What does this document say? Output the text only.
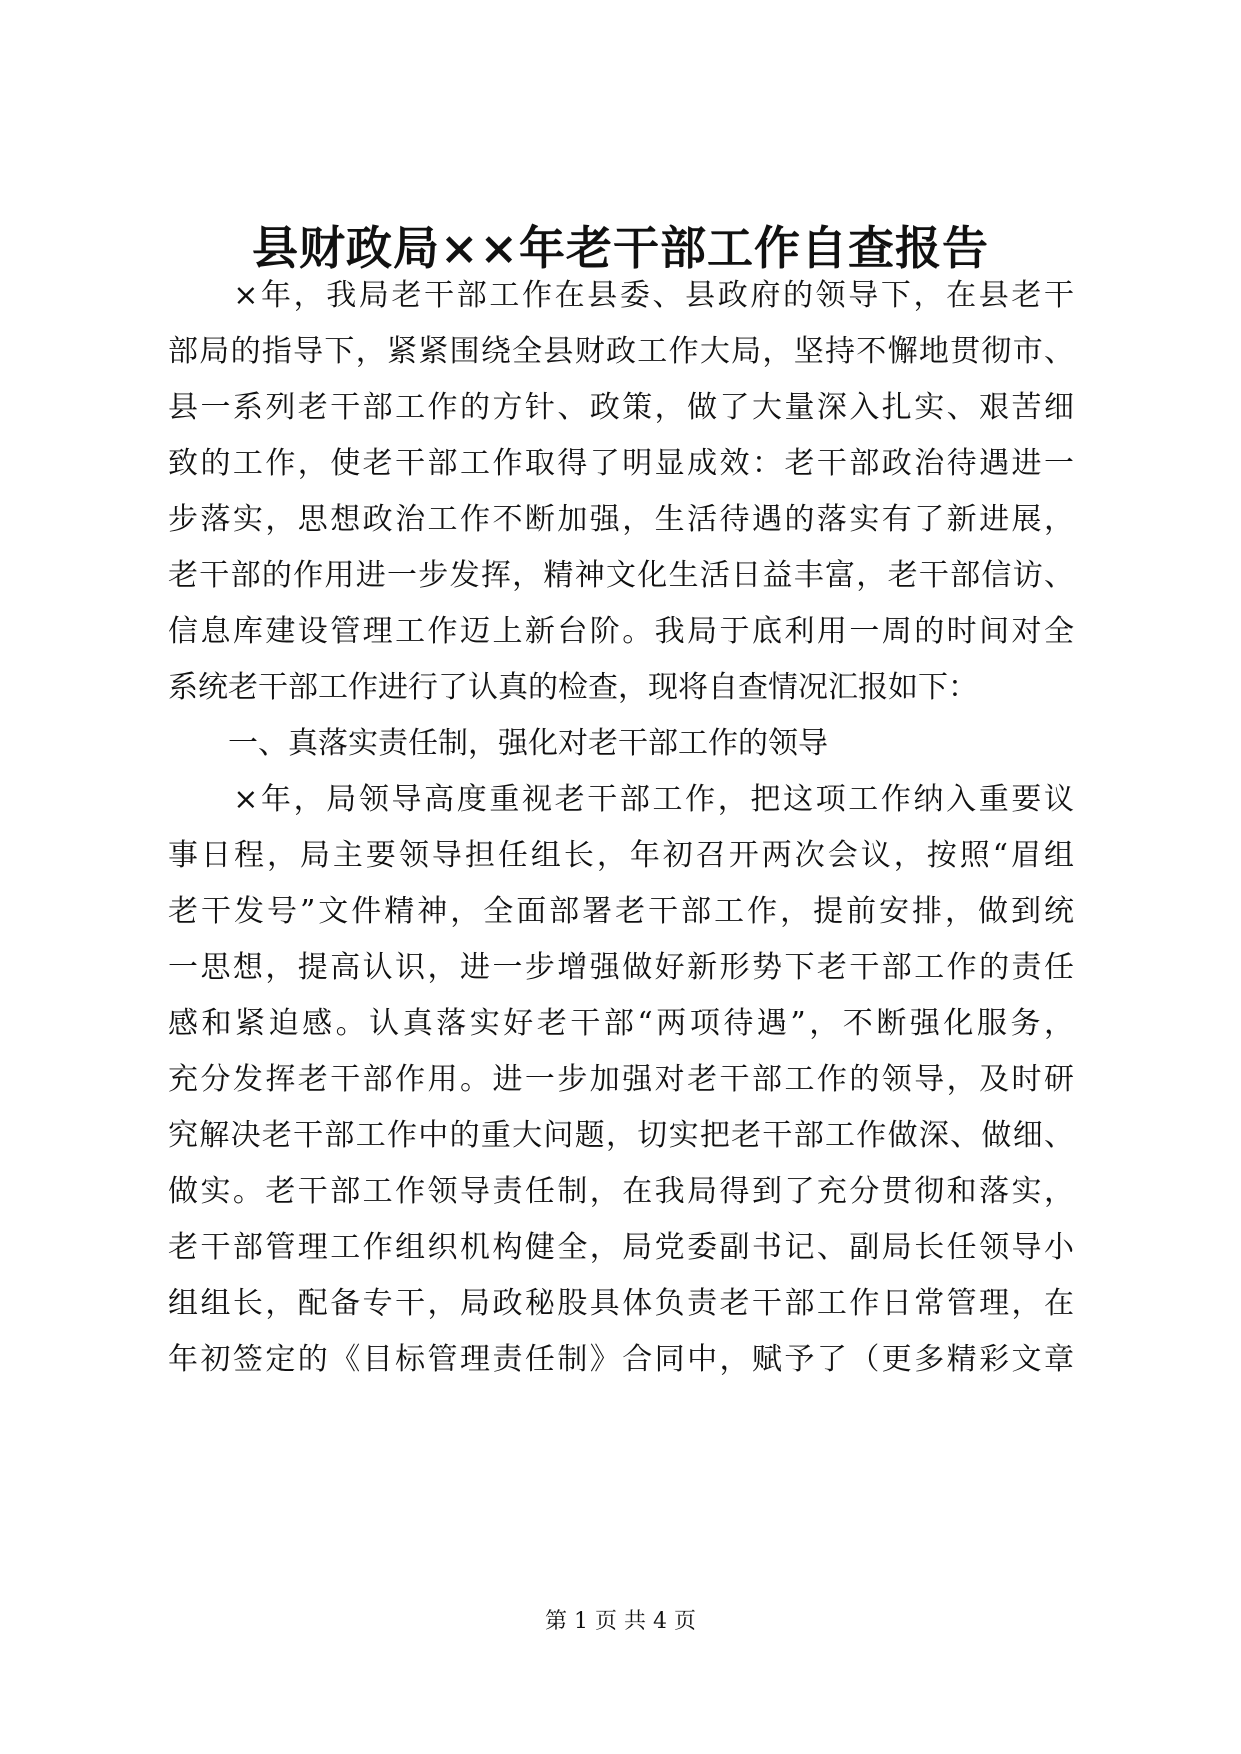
县财政局××年老干部工作自查报告
　　×年，我局老干部工作在县委、县政府的领导下，在县老干
部局的指导下，紧紧围绕全县财政工作大局，坚持不懈地贯彻市、
县一系列老干部工作的方针、政策，做了大量深入扎实、艰苦细
致的工作，使老干部工作取得了明显成效：老干部政治待遇进一
步落实，思想政治工作不断加强，生活待遇的落实有了新进展，
老干部的作用进一步发挥，精神文化生活日益丰富，老干部信访、
信息库建设管理工作迈上新台阶。我局于底利用一周的时间对全
系统老干部工作进行了认真的检查，现将自查情况汇报如下：
　　一、真落实责任制，强化对老干部工作的领导
　　×年，局领导高度重视老干部工作，把这项工作纳入重要议
事日程，局主要领导担任组长，年初召开两次会议，按照“眉组
老干发号”文件精神，全面部署老干部工作，提前安排，做到统
一思想，提高认识，进一步增强做好新形势下老干部工作的责任
感和紧迫感。认真落实好老干部“两项待遇”，不断强化服务，
充分发挥老干部作用。进一步加强对老干部工作的领导，及时研
究解决老干部工作中的重大问题，切实把老干部工作做深、做细、
做实。老干部工作领导责任制，在我局得到了充分贯彻和落实，
老干部管理工作组织机构健全，局党委副书记、副局长任领导小
组组长，配备专干，局政秘股具体负责老干部工作日常管理，在
年初签定的《目标管理责任制》合同中，赋予了（更多精彩文章
第 1 页 共 4 页
